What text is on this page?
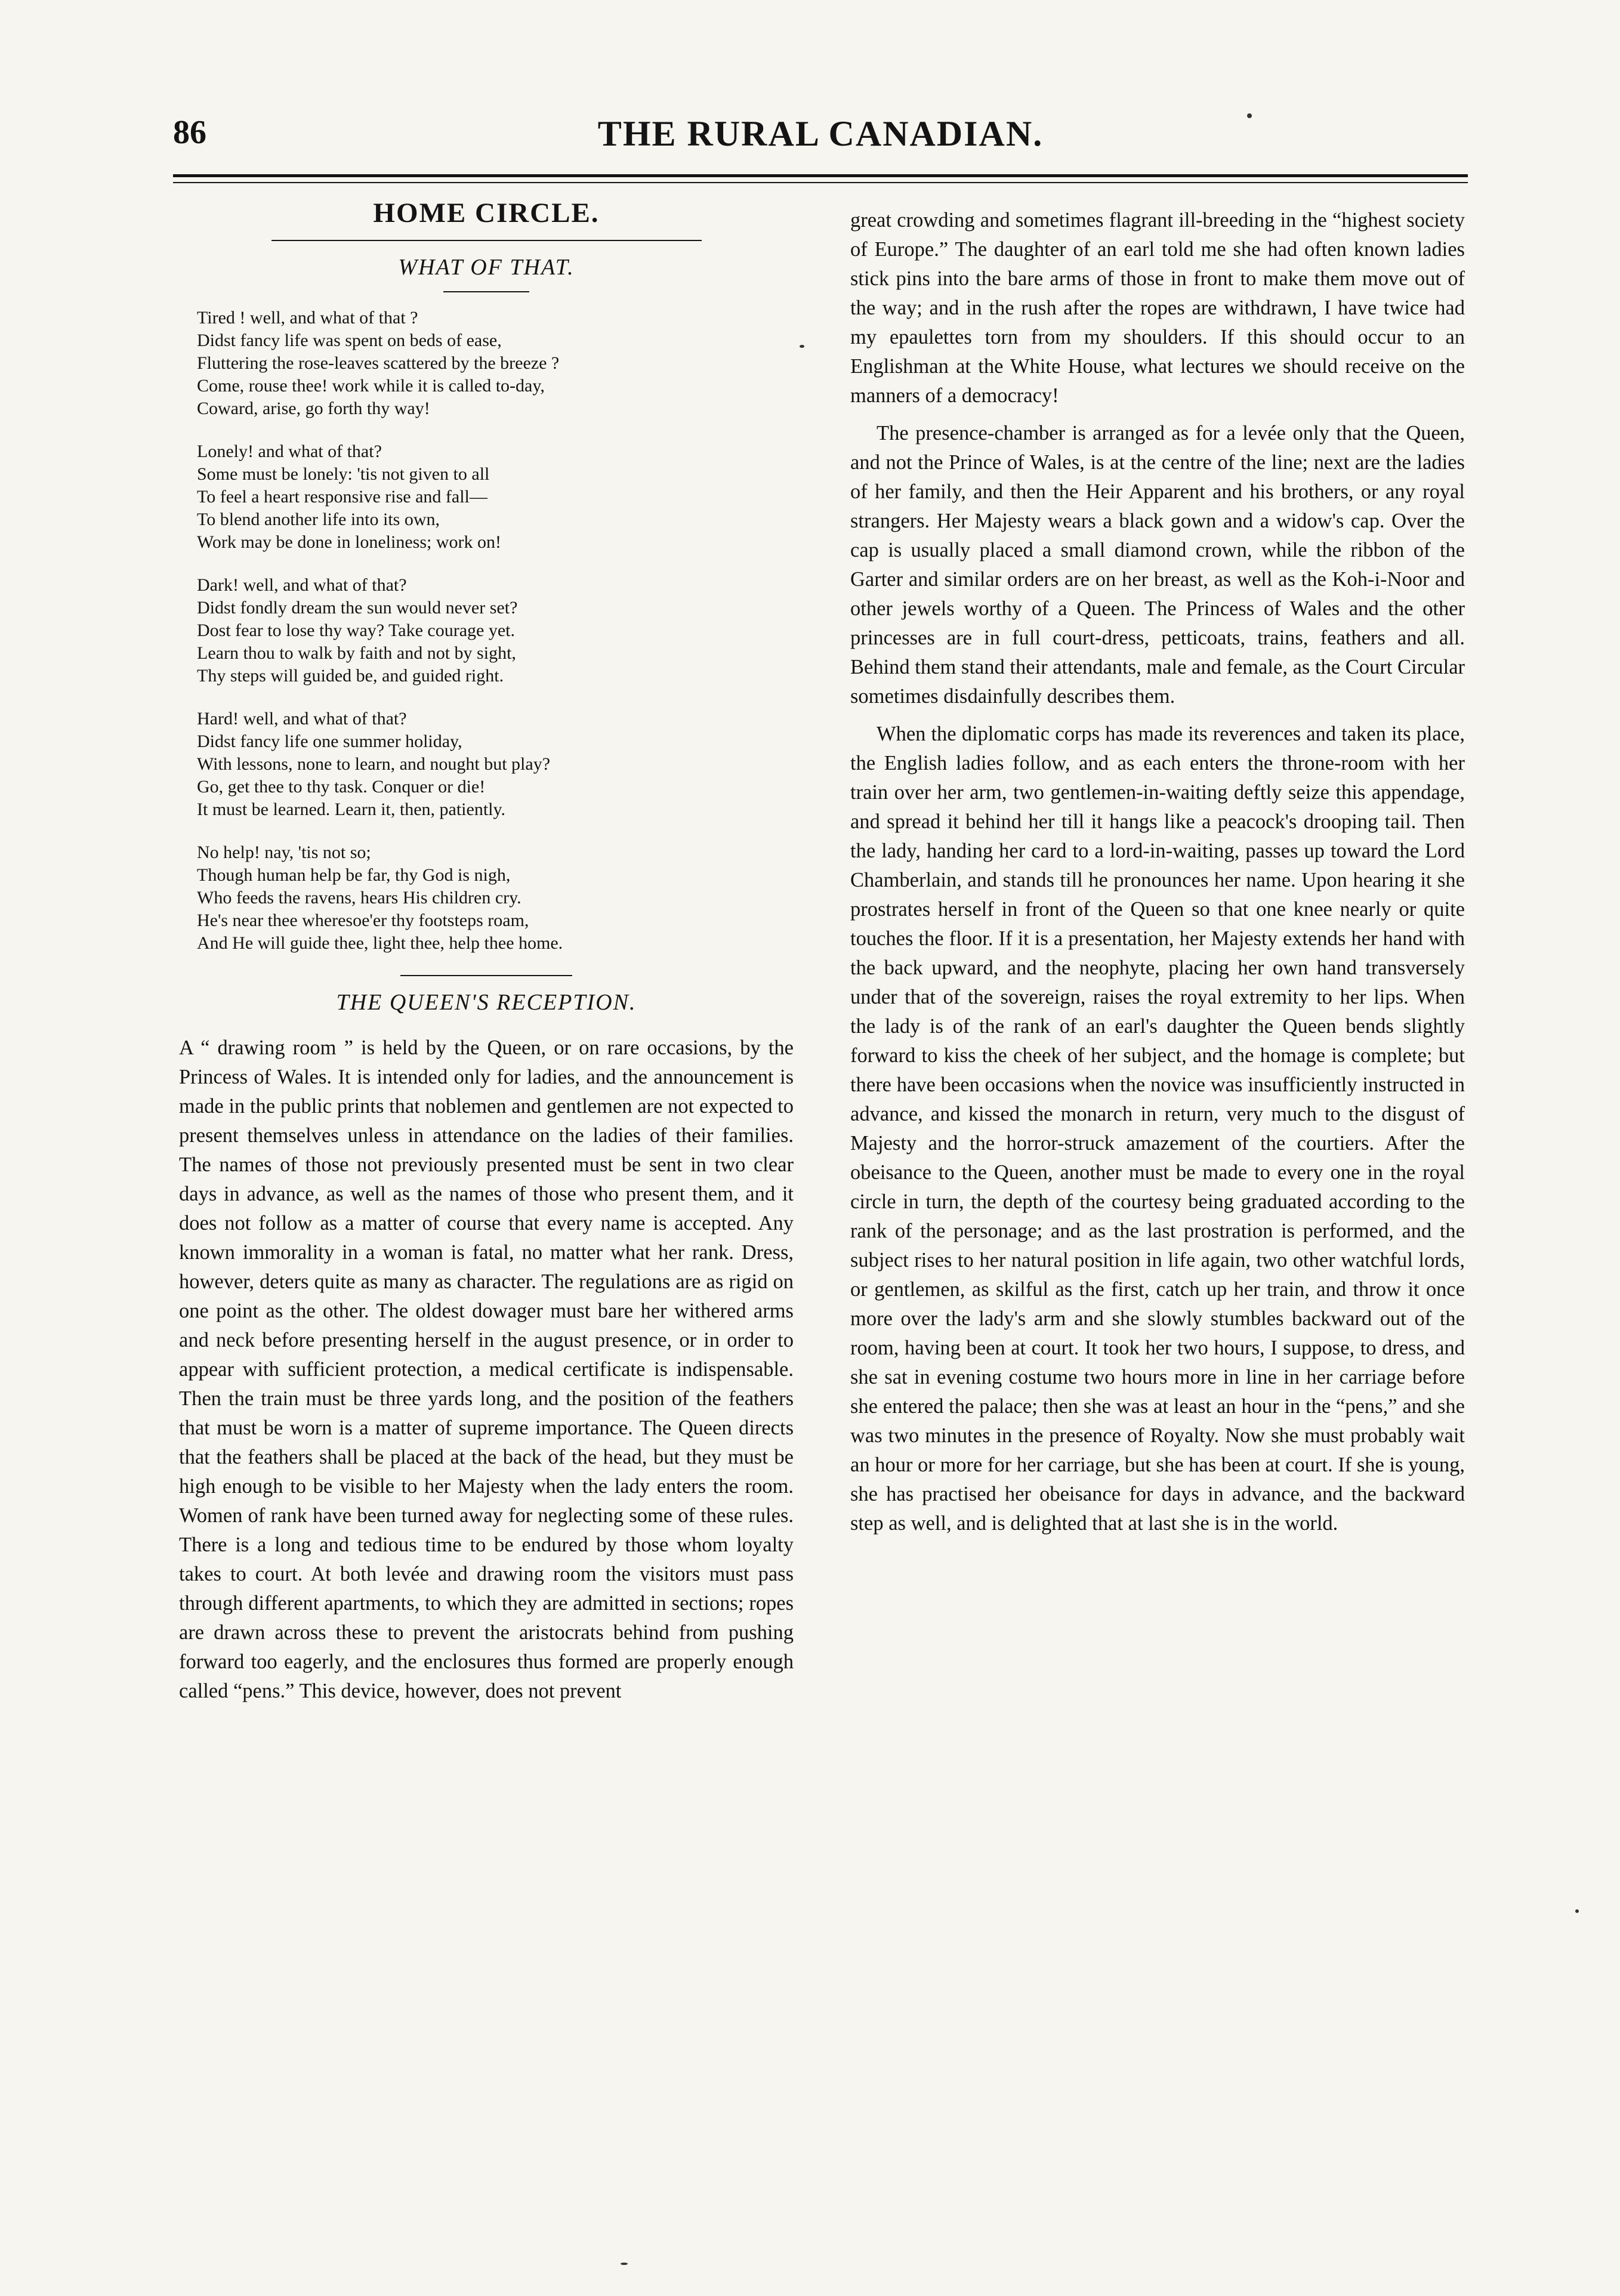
86	THE RURAL CANADIAN.
HOME CIRCLE.
WHAT OF THAT.
Tired ! well, and what of that ?
Didst fancy life was spent on beds of ease,
Fluttering the rose-leaves scattered by the breeze ?
Come, rouse thee! work while it is called to-day,
Coward, arise, go forth thy way!
Lonely! and what of that?
Some must be lonely: 'tis not given to all
To feel a heart responsive rise and fall—
To blend another life into its own,
Work may be done in loneliness; work on!
Dark! well, and what of that?
Didst fondly dream the sun would never set?
Dost fear to lose thy way? Take courage yet.
Learn thou to walk by faith and not by sight,
Thy steps will guided be, and guided right.
Hard! well, and what of that?
Didst fancy life one summer holiday,
With lessons, none to learn, and nought but play?
Go, get thee to thy task. Conquer or die!
It must be learned. Learn it, then, patiently.
No help! nay, 'tis not so;
Though human help be far, thy God is nigh,
Who feeds the ravens, hears His children cry.
He's near thee wheresoe'er thy footsteps roam,
And He will guide thee, light thee, help thee home.
THE QUEEN'S RECEPTION.

A “ drawing room ” is held by the Queen, or on rare occasions, by the Princess of Wales. It is intended only for ladies, and the announcement is made in the public prints that noblemen and gentlemen are not expected to present themselves unless in attendance on the ladies of their families. The names of those not previously presented must be sent in two clear days in advance, as well as the names of those who present them, and it does not follow as a matter of course that every name is accepted. Any known immorality in a woman is fatal, no matter what her rank. Dress, however, deters quite as many as character. The regulations are as rigid on one point as the other. The oldest dowager must bare her withered arms and neck before presenting herself in the august presence, or in order to appear with sufficient protection, a medical certificate is indispensable. Then the train must be three yards long, and the position of the feathers that must be worn is a matter of supreme importance. The Queen directs that the feathers shall be placed at the back of the head, but they must be high enough to be visible to her Majesty when the lady enters the room. Women of rank have been turned away for neglecting some of these rules. There is a long and tedious time to be endured by those whom loyalty takes to court. At both levée and drawing room the visitors must pass through different apartments, to which they are admitted in sections; ropes are drawn across these to prevent the aristocrats behind from pushing forward too eagerly, and the enclosures thus formed are properly enough called “pens.” This device, however, does not prevent

great crowding and sometimes flagrant ill-breeding in the “highest society of Europe.” The daughter of an earl told me she had often known ladies stick pins into the bare arms of those in front to make them move out of the way; and in the rush after the ropes are withdrawn, I have twice had my epaulettes torn from my shoulders. If this should occur to an Englishman at the White House, what lectures we should receive on the manners of a democracy!

The presence-chamber is arranged as for a levée only that the Queen, and not the Prince of Wales, is at the centre of the line; next are the ladies of her family, and then the Heir Apparent and his brothers, or any royal strangers. Her Majesty wears a black gown and a widow's cap. Over the cap is usually placed a small diamond crown, while the ribbon of the Garter and similar orders are on her breast, as well as the Koh-i-Noor and other jewels worthy of a Queen. The Princess of Wales and the other princesses are in full court-dress, petticoats, trains, feathers and all. Behind them stand their attendants, male and female, as the Court Circular sometimes disdainfully describes them.

When the diplomatic corps has made its reverences and taken its place, the English ladies follow, and as each enters the throne-room with her train over her arm, two gentlemen-in-waiting deftly seize this appendage, and spread it behind her till it hangs like a peacock's drooping tail. Then the lady, handing her card to a lord-in-waiting, passes up toward the Lord Chamberlain, and stands till he pronounces her name. Upon hearing it she prostrates herself in front of the Queen so that one knee nearly or quite touches the floor. If it is a presentation, her Majesty extends her hand with the back upward, and the neophyte, placing her own hand transversely under that of the sovereign, raises the royal extremity to her lips. When the lady is of the rank of an earl's daughter the Queen bends slightly forward to kiss the cheek of her subject, and the homage is complete; but there have been occasions when the novice was insufficiently instructed in advance, and kissed the monarch in return, very much to the disgust of Majesty and the horror-struck amazement of the courtiers. After the obeisance to the Queen, another must be made to every one in the royal circle in turn, the depth of the courtesy being graduated according to the rank of the personage; and as the last prostration is performed, and the subject rises to her natural position in life again, two other watchful lords, or gentlemen, as skilful as the first, catch up her train, and throw it once more over the lady's arm and she slowly stumbles backward out of the room, having been at court. It took her two hours, I suppose, to dress, and she sat in evening costume two hours more in line in her carriage before she entered the palace; then she was at least an hour in the “pens,” and she was two minutes in the presence of Royalty. Now she must probably wait an hour or more for her carriage, but she has been at court. If she is young, she has practised her obeisance for days in advance, and the backward step as well, and is delighted that at last she is in the world.
